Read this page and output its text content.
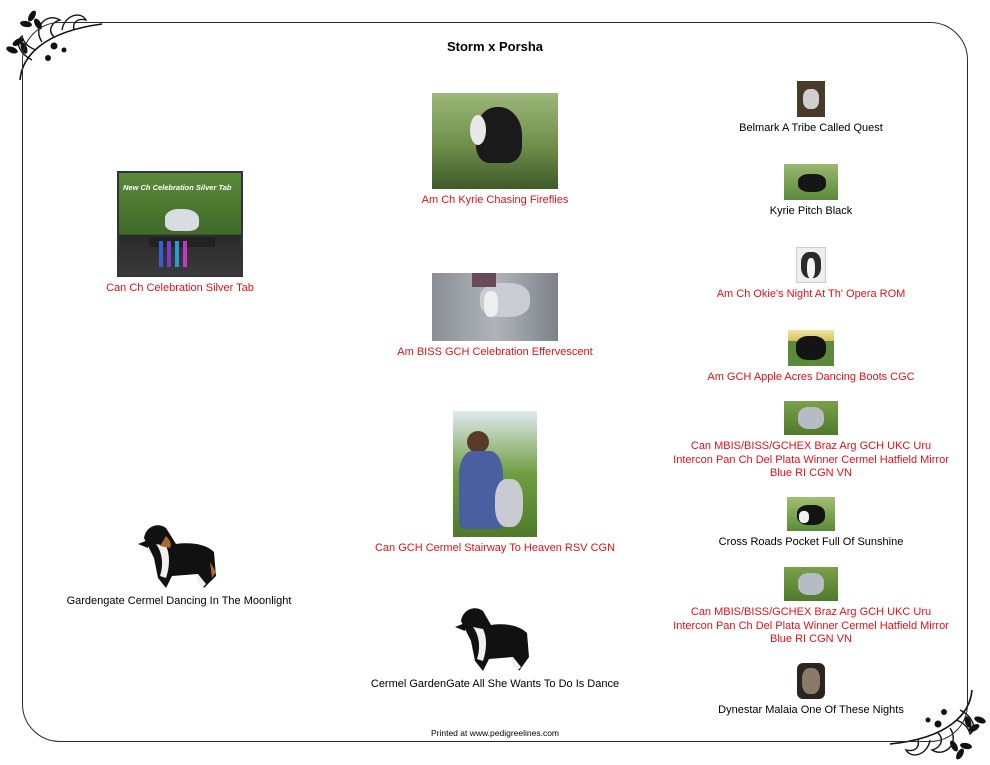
Storm x Porsha
New Ch Celebration Silver Tab
Can Ch Celebration Silver Tab
Gardengate Cermel Dancing In The Moonlight
Am Ch Kyrie Chasing Fireflies
Am BISS GCH Celebration Effervescent
Can GCH Cermel Stairway To Heaven RSV CGN
Cermel GardenGate All She Wants To Do Is Dance
Belmark A Tribe Called Quest
Kyrie Pitch Black
Am Ch Okie's Night At Th' Opera ROM
Am GCH Apple Acres Dancing Boots CGC
Can MBIS/BISS/GCHEX Braz Arg GCH UKC Uru Intercon Pan Ch Del Plata Winner Cermel Hatfield Mirror Blue RI CGN VN
Cross Roads Pocket Full Of Sunshine
Can MBIS/BISS/GCHEX Braz Arg GCH UKC Uru Intercon Pan Ch Del Plata Winner Cermel Hatfield Mirror Blue RI CGN VN
Dynestar Malaia One Of These Nights
Printed at www.pedigreelines.com
